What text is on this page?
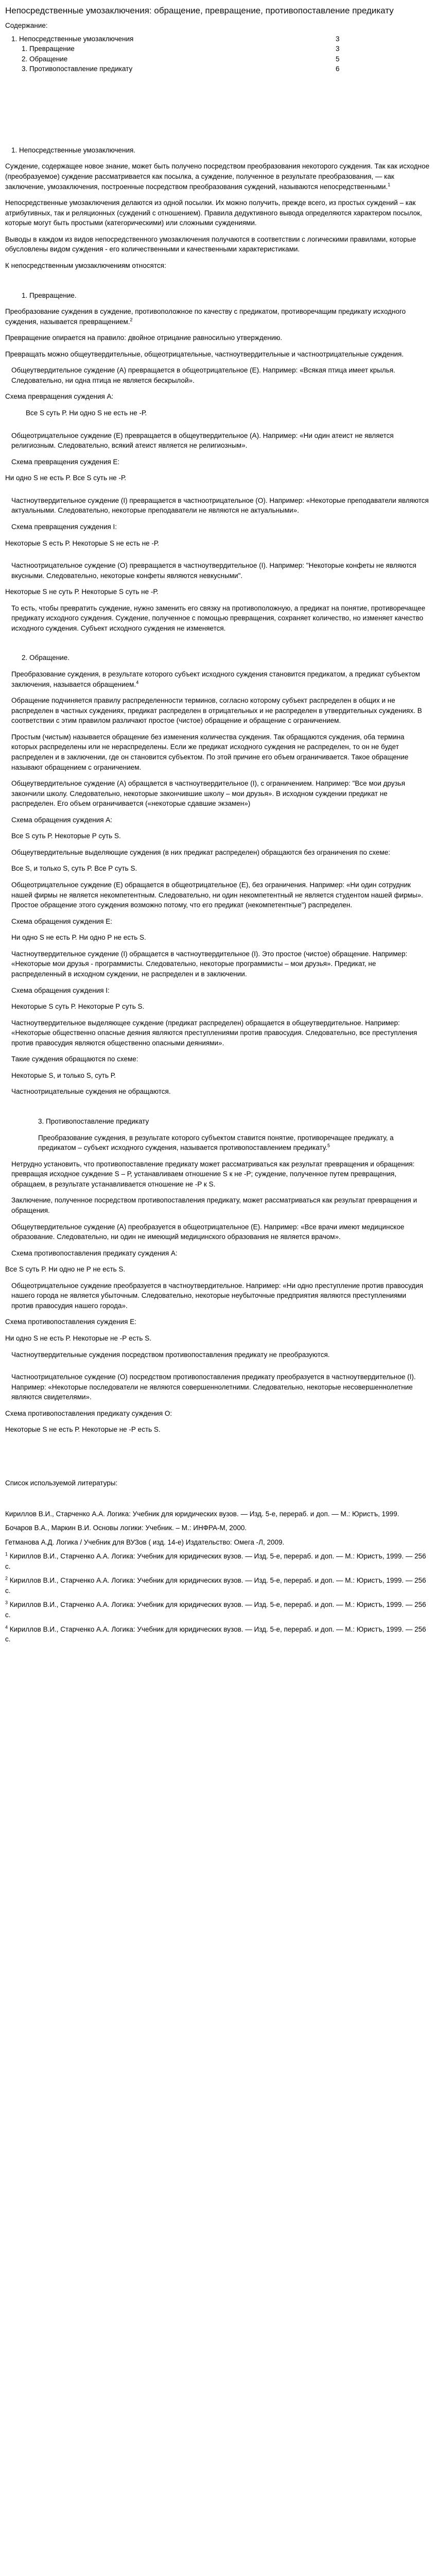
Непосредственные умозаключения: обращение, превращение, противопоставление предикату
Содержание:
1. Непосредственные умозаключения	3
1. Превращение	3
2. Обращение	5
3. Противопоставление предикату	6
1. Непосредственные умозаключения.

Суждение, содержащее новое знание, может быть получено посредством преобразования некоторого суждения. Так как исходное (преобразуемое) суждение рассматривается как посылка, а суждение, полученное в результате преобразования, — как заключение, умозаключения, построенные посредством преобразования суждений, называются непосредственными.$^1$

Непосредственные умозаключения делаются из одной посылки. Их можно получить, прежде всего, из простых суждений – как атрибутивных, так и реляционных (суждений с отношением). Правила дедуктивного вывода определяются характером посылок, которые могут быть простыми (категорическими) или сложными суждениями.

Выводы в каждом из видов непосредственного умозаключения получаются в соответствии с логическими правилами, которые обусловлены видом суждения - его количественными и качественными характеристиками.

К непосредственным умозаключениям относятся:

1. Превращение.

Преобразование суждения в суждение, противоположное по качеству с предикатом, противоречащим предикату исходного суждения, называется превращением.$^2$

Превращение опирается на правило: двойное отрицание равносильно утверждению.

Превращать можно общеутвердительные, общеотрицательные, частноутвердительные и частноотрицательные суждения.

Общеутвердительное суждение (А) превращается в общеотрицательное (Е). Например: «Всякая птица имеет крылья. Следовательно, ни одна птица не является бескрылой».

Схема превращения суждения А:

Все S суть Р. Ни одно S не есть не -Р.

Общеотрицательное суждение (Е) превращается в общеутвердительное (А). Например: «Ни один атеист не является религиозным. Следовательно, всякий атеист является не религиозным».

Схема превращения суждения Е:

Ни одно S не есть Р. Все S суть не -Р.

Частноутвердительное суждение (I) превращается в частноотрицательное (О). Например: «Некоторые преподаватели являются актуальными. Следовательно, некоторые преподаватели не являются не актуальными».

Схема превращения суждения I:

Некоторые S есть Р. Некоторые S не есть не -Р.

Частноотрицательное суждение (О) превращается в частноутвердительное (I). Например: "Некоторые конфеты не являются вкусными. Следовательно, некоторые конфеты являются невкусными".

Некоторые S не суть Р. Некоторые S суть не -Р.

То есть, чтобы превратить суждение, нужно заменить его связку на противоположную, а предикат на понятие, противоречащее предикату исходного суждения. Суждение, полученное с помощью превращения, сохраняет количество, но изменяет качество исходного суждения. Субъект исходного суждения не изменяется.

2. Обращение.

Преобразование суждения, в результате которого субъект исходного суждения становится предикатом, а предикат субъектом заключения, называется обращением.$^4$

Обращение подчиняется правилу распределенности терминов, согласно которому субъект распределен в общих и не распределен в частных суждениях, предикат распределен в отрицательных и не распределен в утвердительных суждениях. В соответствии с этим правилом различают простое (чистое) обращение и обращение с ограничением.

Простым (чистым) называется обращение без изменения количества суждения. Так обращаются суждения, оба термина которых распределены или не нераспределены. Если же предикат исходного суждения не распределен, то он не будет распределен и в заключении, где он становится субъектом. По этой причине его объем ограничивается. Такое обращение называют обращением с ограничением.

Общеутвердительное суждение (А) обращается в частноутвердительное (I), с ограничением. Например: "Все мои друзья закончили школу. Следовательно, некоторые закончившие школу – мои друзья». В исходном суждении предикат не распределен. Его объем ограничивается («некоторые сдавшие экзамен»)

Схема обращения суждения А:

Все S суть Р. Некоторые Р суть S.

Общеутвердительные выделяющие суждения (в них предикат распределен) обращаются без ограничения по схеме:

Все S, и только S, суть Р. Все Р суть S.

Общеотрицательное суждение (E) обращается в общеотрицательное (E), без ограничения. Например: «Ни один сотрудник нашей фирмы не является некомпетентным. Следовательно, ни один некомпетентный не является студентом нашей фирмы». Простое обращение этого суждения возможно потому, что его предикат (некомпетентные") распределен.

Схема обращения суждения Е:

Ни одно S не есть Р. Ни одно Р не есть S.

Частноутвердительное суждение (I) обращается в частноутвердительное (I). Это простое (чистое) обращение. Например: «Некоторые мои друзья - программисты. Следовательно, некоторые программисты – мои друзья». Предикат, не распределенный в исходном суждении, не распределен и в заключении.

Схема обращения суждения I:

Некоторые S суть Р. Некоторые Р суть S.

Частноутвердительное выделяющее суждение (предикат распределен) обращается в общеутвердительное. Например: «Некоторые общественно опасные деяния являются преступлениями против правосудия. Следовательно, все преступления против правосудия являются общественно опасными деяниями».

Такие суждения обращаются по схеме:

Некоторые S, и только S, суть Р.

Частноотрицательные суждения не обращаются.

3. Противопоставление предикату

Преобразование суждения, в результате которого субъектом ставится понятие, противоречащее предикату, а предикатом – субъект исходного суждения, называется противопоставлением предикату.$^5$

Нетрудно установить, что противопоставление предикату может рассматриваться как результат превращения и обращения: превращая исходное суждение S – Р, устанавливаем отношение S к не -P; суждение, полученное путем превращения, обращаем, в результате устанавливается отношение не -P к S.

Заключение, полученное посредством противопоставления предикату, может рассматриваться как результат превращения и обращения.

Общеутвердительное суждение (А) преобразуется в общеотрицательное (Е). Например: «Все врачи имеют медицинское образование. Следовательно, ни один не имеющий медицинского образования не является врачом».

Схема противопоставления предикату суждения А:

Все S суть Р. Ни одно не Р не есть S.

Общеотрицательное суждение преобразуется в частноутвердительное. Например: «Ни одно преступление против правосудия нашего города не является убыточным. Следовательно, некоторые неубыточные предприятия являются преступлениями против правосудия нашего города».

Схема противопоставления суждения Е:

Ни одно S не есть Р. Некоторые не -Р есть S.

Частноутвердительные суждения посредством противопоставления предикату не преобразуются.

Частноотрицательное суждение (О) посредством противопоставления предикату преобразуется в частноутвердительное (I). Например: «Некоторые последователи не являются совершеннолетними. Следовательно, некоторые несовершеннолетние являются свидетелями».

Схема противопоставления предикату суждения О:

Некоторые S не есть Р. Некоторые не -Р есть S.

Список используемой литературы:

Кириллов В.И., Старченко А.А. Логика: Учебник для юридических вузов. — Изд. 5-е, перераб. и доп. — М.: Юристъ, 1999.

Бочаров В.А., Маркин В.И. Основы логики: Учебник. – М.: ИНФРА-М, 2000.

Гетманова А.Д. Логика / Учебник для ВУЗов ( изд. 14-е) Издательство: Омега -Л, 2009.

$^1$ Кириллов В.И., Старченко А.А. Логика: Учебник для юридических вузов. — Изд. 5-е, перераб. и доп. — М.: Юристъ, 1999. — 256 с.

$^2$ Кириллов В.И., Старченко А.А. Логика: Учебник для юридических вузов. — Изд. 5-е, перераб. и доп. — М.: Юристъ, 1999. — 256 с.

$^3$ Кириллов В.И., Старченко А.А. Логика: Учебник для юридических вузов. — Изд. 5-е, перераб. и доп. — М.: Юристъ, 1999. — 256 с.

$^4$ Кириллов В.И., Старченко А.А. Логика: Учебник для юридических вузов. — Изд. 5-е, перераб. и доп. — М.: Юристъ, 1999. — 256 с.
